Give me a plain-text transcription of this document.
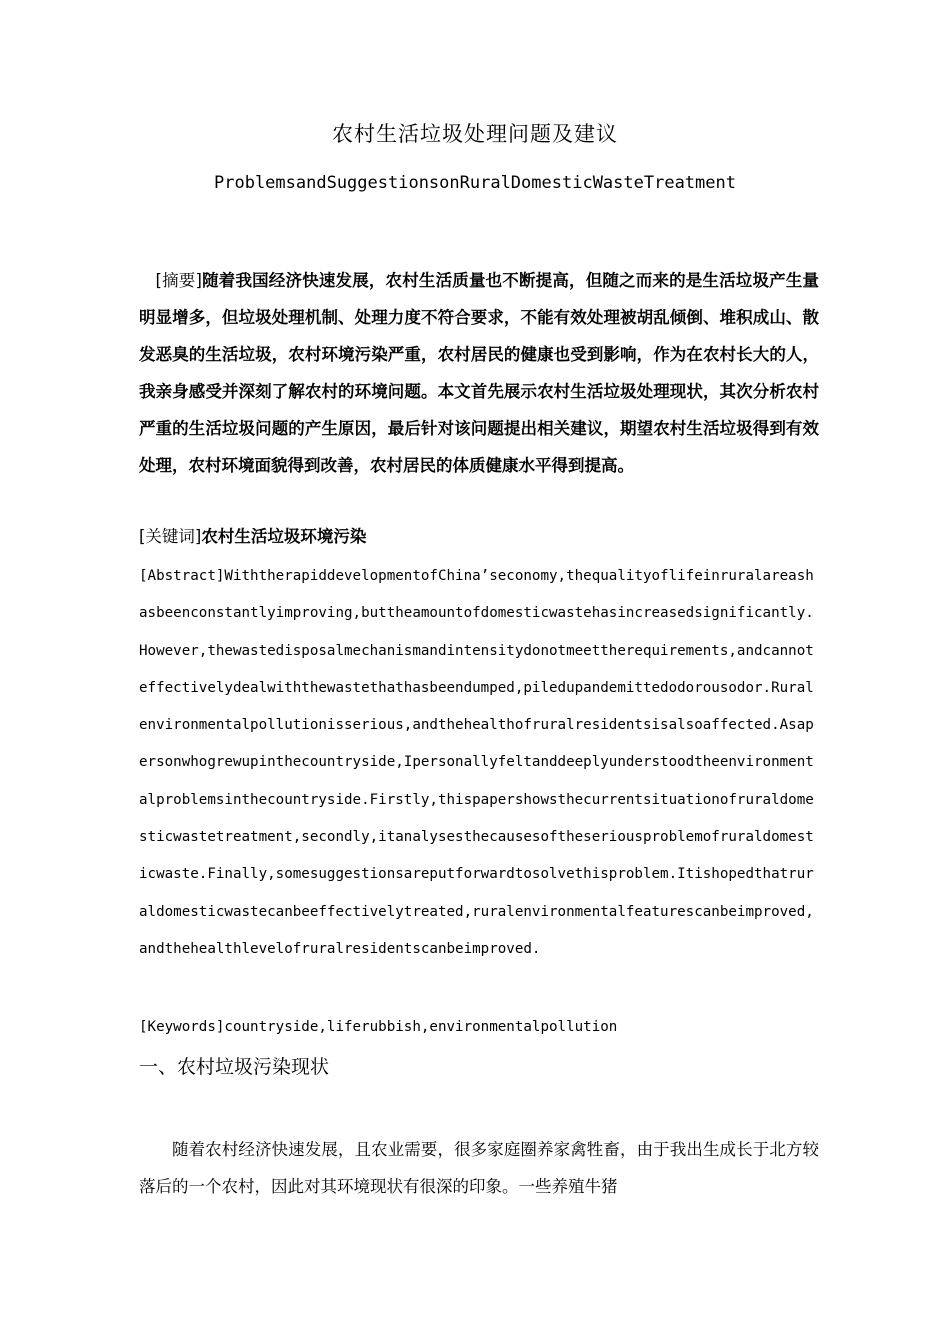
农村生活垃圾处理问题及建议
ProblemsandSuggestionsonRuralDomesticWasteTreatment
[摘要]随着我国经济快速发展，农村生活质量也不断提高，但随之而来的是生活垃圾产生量明显增多，但垃圾处理机制、处理力度不符合要求，不能有效处理被胡乱倾倒、堆积成山、散发恶臭的生活垃圾，农村环境污染严重，农村居民的健康也受到影响，作为在农村长大的人，我亲身感受并深刻了解农村的环境问题。本文首先展示农村生活垃圾处理现状，其次分析农村严重的生活垃圾问题的产生原因，最后针对该问题提出相关建议，期望农村生活垃圾得到有效处理，农村环境面貌得到改善，农村居民的体质健康水平得到提高。
[关键词]农村生活垃圾环境污染
[Abstract]WiththerapiddevelopmentofChina’seconomy,thequalityoflifeinruralareashasbeenconstantlyimproving,buttheamountofdomesticwastehasincreasedsignificantly.However,thewastedisposalmechanismandintensitydonotmeettherequirements,andcannoteffectivelydealwiththewastethathasbeendumped,piledupandemittedodorousodor.Ruralenvironmentalpollutionisserious,andthehealthofruralresidentsisalsoaffected.Asapersonwhogrewupinthecountryside,Ipersonallyfeltanddeeplyunderstoodtheenvironmentalproblemsinthecountryside.Firstly,thispapershowsthecurrentsituationofruraldomesticwastetreatment,secondly,itanalysesthecausesoftheseriousproblemofruraldomesticwaste.Finally,somesuggestionsareputforwardtosolvethisproblem.Itishopedthatruraldomesticwastecanbeeffectivelytreated,ruralenvironmentalfeaturescanbeimproved,andthehealthlevelofruralresidentscanbeimproved.
[Keywords]countryside,liferubbish,environmentalpollution
一、农村垃圾污染现状
随着农村经济快速发展，且农业需要，很多家庭圈养家禽牲畜，由于我出生成长于北方较落后的一个农村，因此对其环境现状有很深的印象。一些养殖牛猪
